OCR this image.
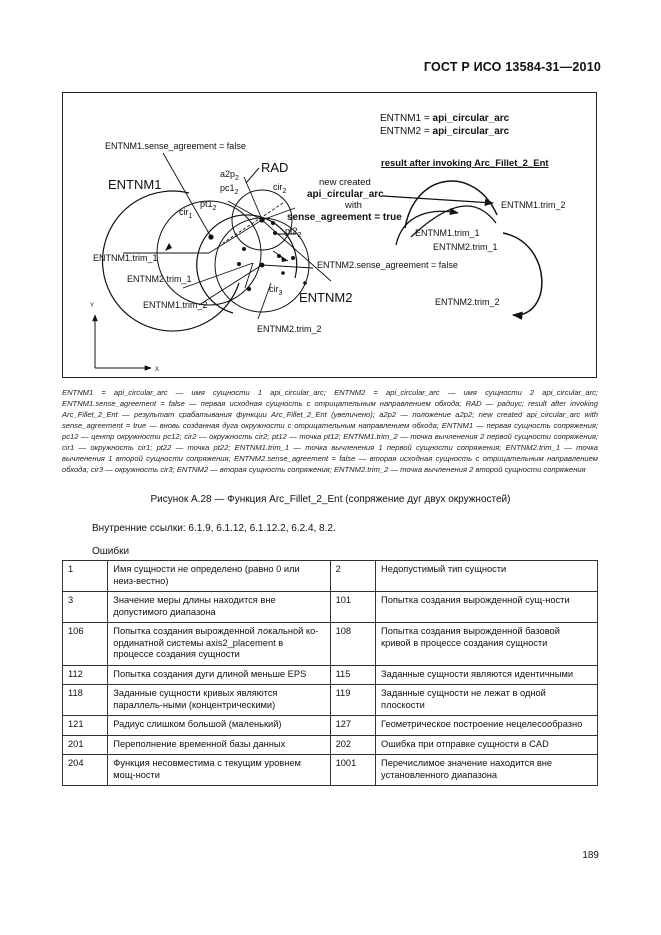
ГОСТ Р ИСО 13584-31—2010
Y
X
ENTNM1 = api_circular_arc
ENTNM2 = api_circular_arc
ENTNM1.sense_agreement = false
RAD
$a2p_2$
$pc1_2$
cir$_2$
$pt1_2$
cir$_1$
$pt2_2$
cir$_3$
ENTNM1
ENTNM2
new created
api_circular_arc
with
sense_agreement = true
result after invoking Arc_Fillet_2_Ent
ENTNM1.trim_1
ENTNM2.trim_1
ENTNM1.trim_2
ENTNM2.trim_2
ENTNM2.sense_agreement = false
ENTNM1.trim_2
ENTNM1.trim_1
ENTNM2.trim_1
ENTNM2.trim_2
ENTNM1 = api_circular_arc — имя сущности 1 api_circular_arc; ENTNM2 = api_circular_arc — имя сущности 2 api_circular_arc; ENTNM1.sense_agreement = false — первая исходная сущность с отрицательным направлением обхода; RAD — радиус; result after invoking Arc_Fillet_2_Ent — результат срабатывания функции Arc_Fillet_2_Ent (увеличено); a2p2 — положение a2p2; new created api_circular_arc with sense_agreement = true — вновь созданная дуга окружности с отрицательным направлением обхода; ENTNM1 — первая сущность сопряжения; pc12 — центр окружности pc12; cir2 — окружность cir2; pt12 — точка pt12; ENTNM1.trim_2 — точка вычленения 2 первой сущности сопряжения; cir1 — окружность cir1; pt22 — точка pt22; ENTNM1.trim_1 — точка вычленения 1 первой сущности сопряжения; ENTNM2.trim_1 — точка вычленения 1 второй сущности сопряжения; ENTNM2.sense_agreement = false — вторая исходная сущность с отрицательным направлением обхода; cir3 — окружность cir3; ENTNM2 — вторая сущность сопряжения; ENTNM2.trim_2 — точка вычленения 2 второй сущности сопряжения
Рисунок А.28 — Функция Arc_Fillet_2_Ent (сопряжение дуг двух окружностей)
Внутренние ссылки: 6.1.9, 6.1.12, 6.1.12.2, 6.2.4, 8.2.
Ошибки
1	Имя сущности не определено (равно 0 или неиз-вестно)	2	Недопустимый тип сущности
3	Значение меры длины находится вне допустимого диапазона	101	Попытка создания вырожденной сущ-ности
106	Попытка создания вырожденной локальной ко-ординатной системы axis2_placement в процессе создания сущности	108	Попытка создания вырожденной базовой кривой в процессе создания сущности
112	Попытка создания дуги длиной меньше EPS	115	Заданные сущности являются идентичными
118	Заданные сущности кривых являются параллель-ными (концентрическими)	119	Заданные сущности не лежат в одной плоскости
121	Радиус слишком большой (маленький)	127	Геометрическое построение нецелесообразно
201	Переполнение временной базы данных	202	Ошибка при отправке сущности в CAD
204	Функция несовместима с текущим уровнем мощ-ности	1001	Перечислимое значение находится вне установленного диапазона
189
